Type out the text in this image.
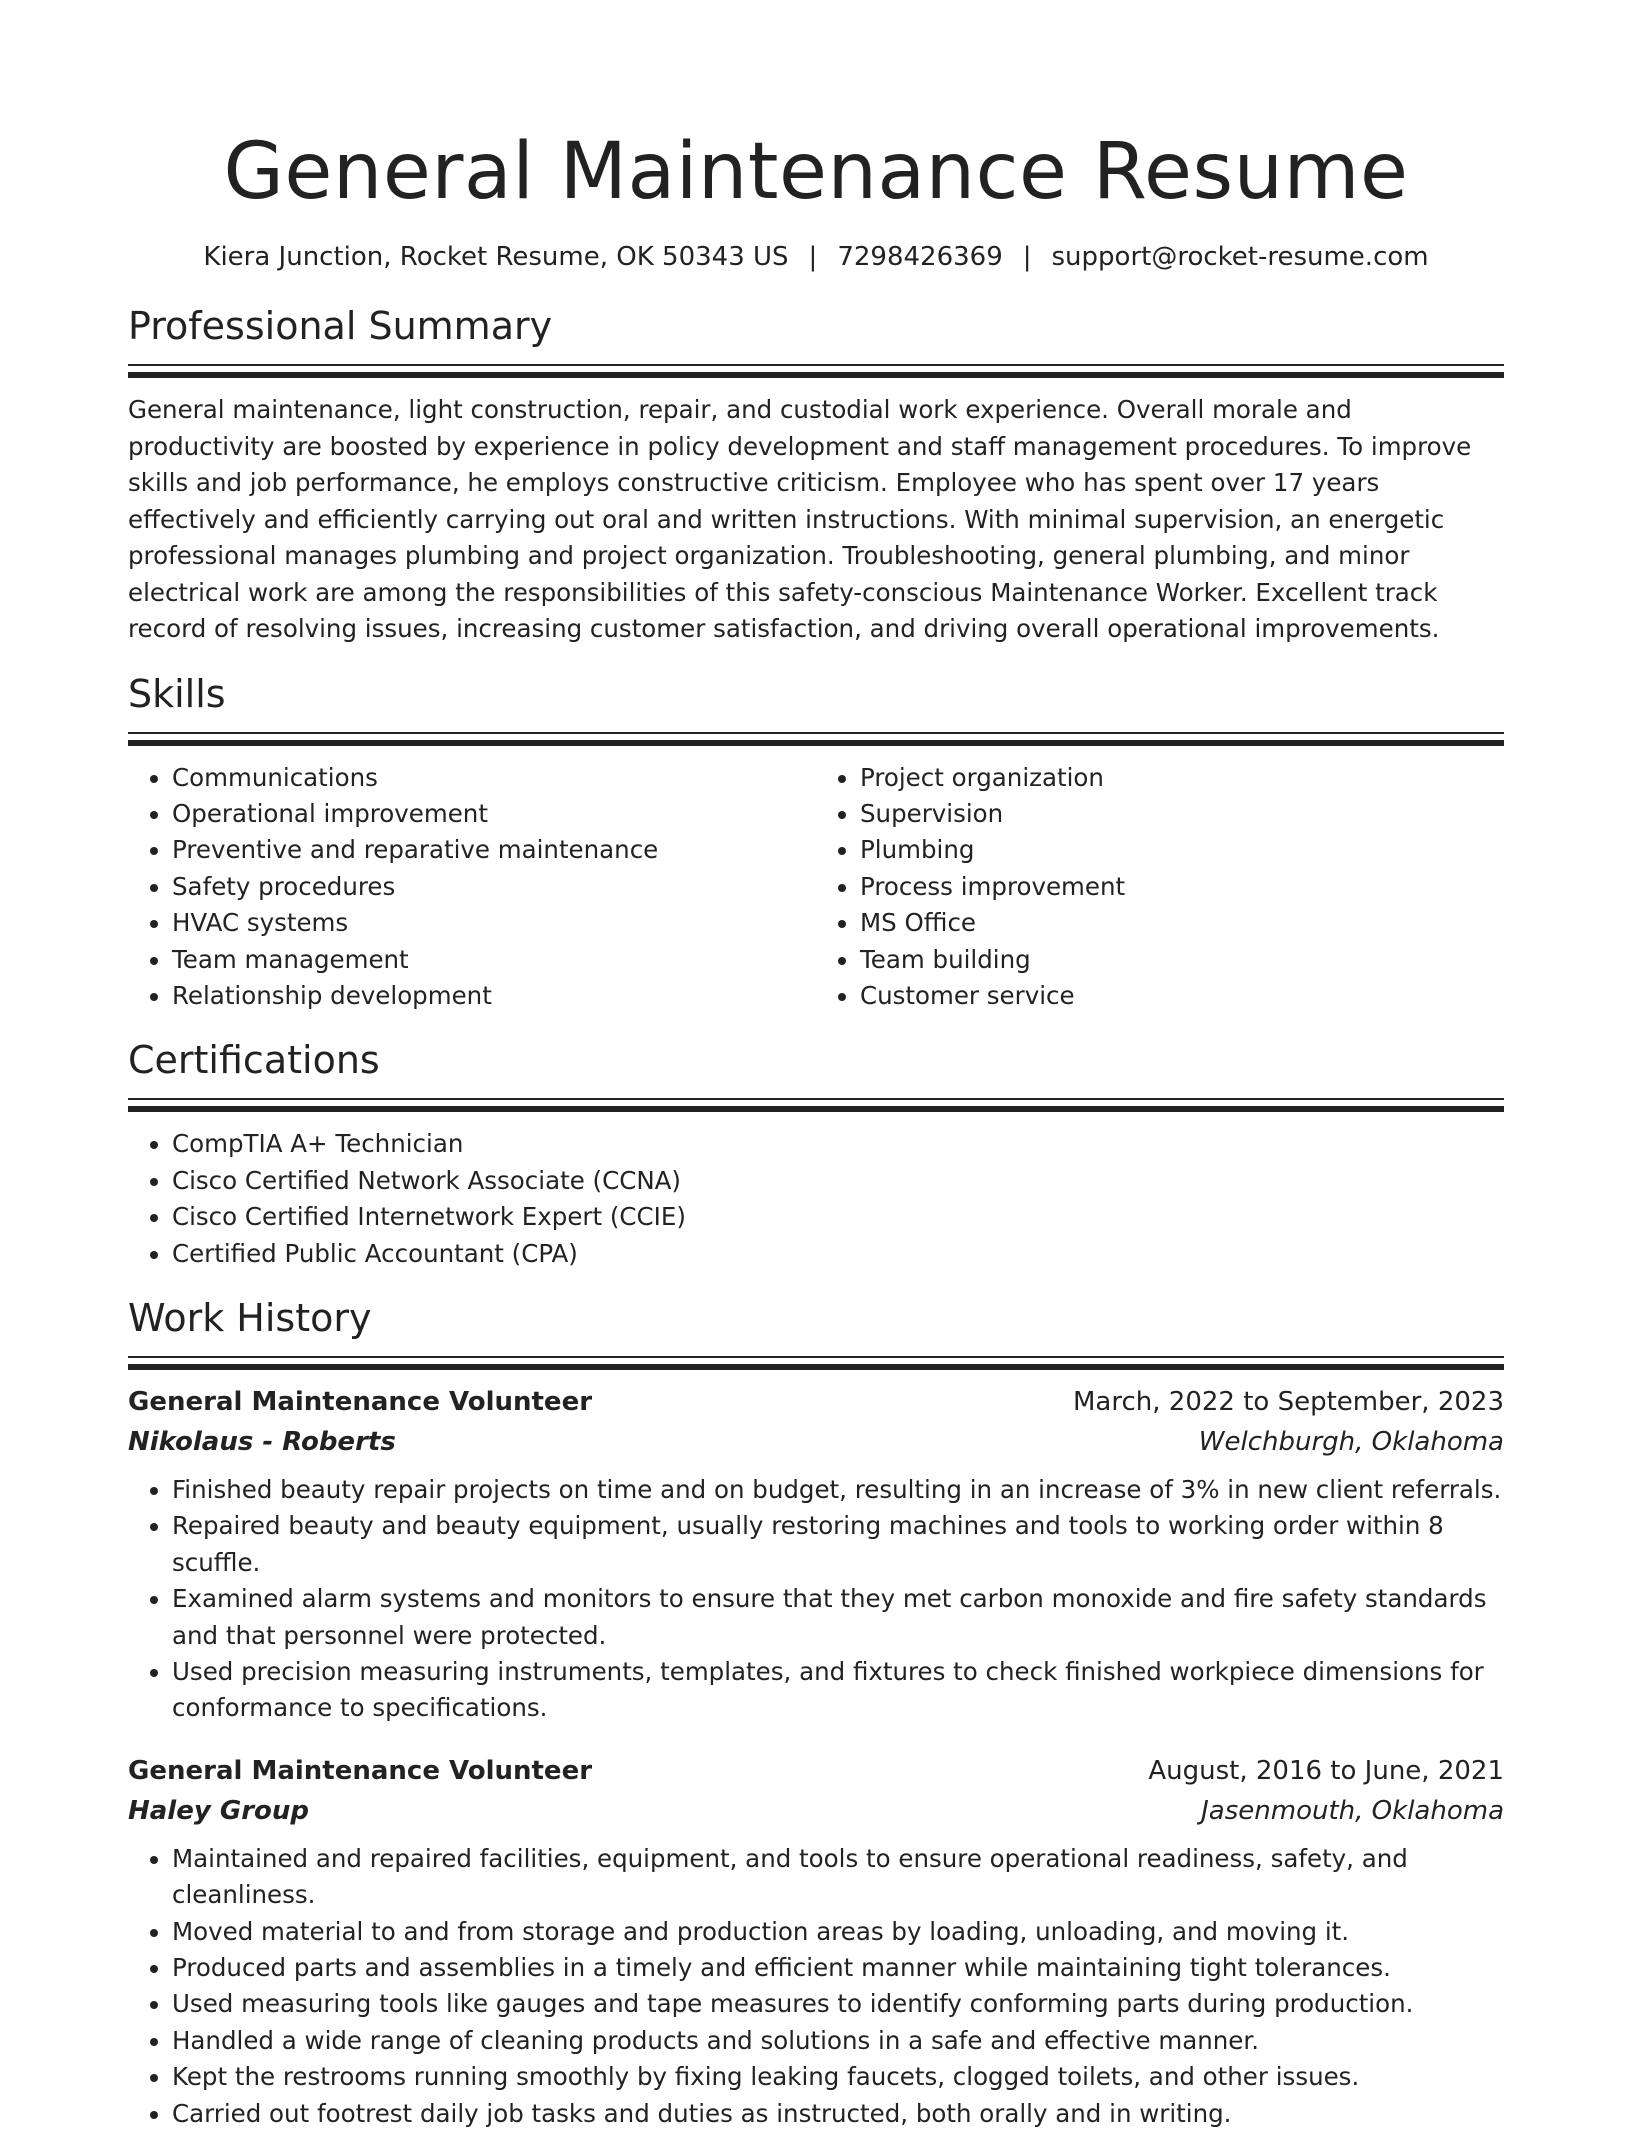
General Maintenance Resume
Kiera Junction, Rocket Resume, OK 50343 US | 7298426369 | support@rocket-resume.com
Professional Summary

General maintenance, light construction, repair, and custodial work experience. Overall morale and productivity are boosted by experience in policy development and staff management procedures. To improve skills and job performance, he employs constructive criticism. Employee who has spent over 17 years effectively and efficiently carrying out oral and written instructions. With minimal supervision, an energetic professional manages plumbing and project organization. Troubleshooting, general plumbing, and minor electrical work are among the responsibilities of this safety-conscious Maintenance Worker. Excellent track record of resolving issues, increasing customer satisfaction, and driving overall operational improvements.

Skills
• Communications
• Operational improvement
• Preventive and reparative maintenance
• Safety procedures
• HVAC systems
• Team management
• Relationship development
• Project organization
• Supervision
• Plumbing
• Process improvement
• MS Office
• Team building
• Customer service
Certifications
• CompTIA A+ Technician
• Cisco Certified Network Associate (CCNA)
• Cisco Certified Internetwork Expert (CCIE)
• Certified Public Accountant (CPA)
Work History
General Maintenance Volunteer	March, 2022 to September, 2023
Nikolaus - Roberts	Welchburgh, Oklahoma
• Finished beauty repair projects on time and on budget, resulting in an increase of 3% in new client referrals.
• Repaired beauty and beauty equipment, usually restoring machines and tools to working order within 8 scuffle.
• Examined alarm systems and monitors to ensure that they met carbon monoxide and fire safety standards and that personnel were protected.
• Used precision measuring instruments, templates, and fixtures to check finished workpiece dimensions for conformance to specifications.
General Maintenance Volunteer	August, 2016 to June, 2021
Haley Group	Jasenmouth, Oklahoma
• Maintained and repaired facilities, equipment, and tools to ensure operational readiness, safety, and cleanliness.
• Moved material to and from storage and production areas by loading, unloading, and moving it.
• Produced parts and assemblies in a timely and efficient manner while maintaining tight tolerances.
• Used measuring tools like gauges and tape measures to identify conforming parts during production.
• Handled a wide range of cleaning products and solutions in a safe and effective manner.
• Kept the restrooms running smoothly by fixing leaking faucets, clogged toilets, and other issues.
• Carried out footrest daily job tasks and duties as instructed, both orally and in writing.
